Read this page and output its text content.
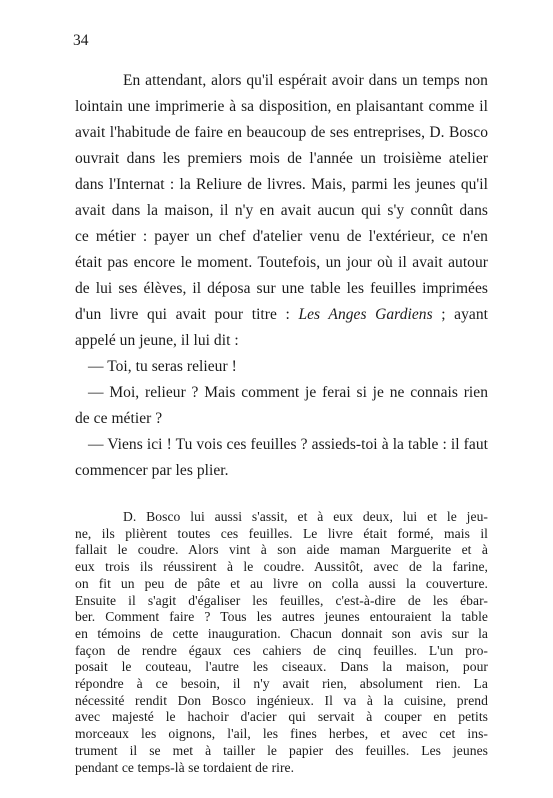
34
En attendant, alors qu'il espérait avoir dans un temps non
lointain une imprimerie à sa disposition, en plaisantant comme il
avait l'habitude de faire en beaucoup de ses entreprises, D. Bosco
ouvrait dans les premiers mois de l'année un troisième atelier
dans l'Internat : la Reliure de livres. Mais, parmi les jeunes qu'il
avait dans la maison, il n'y en avait aucun qui s'y connût dans
ce métier : payer un chef d'atelier venu de l'extérieur, ce n'en
était pas encore le moment. Toutefois, un jour où il avait autour
de lui ses élèves, il déposa sur une table les feuilles imprimées
d'un livre qui avait pour titre : Les Anges Gardiens ; ayant
appelé un jeune, il lui dit :
— Toi, tu seras relieur !
— Moi, relieur ? Mais comment je ferai si je ne connais rien
de ce métier ?
— Viens ici ! Tu vois ces feuilles ? assieds-toi à la table : il faut
commencer par les plier.
D. Bosco lui aussi s'assit, et à eux deux, lui et le jeu-
ne, ils plièrent toutes ces feuilles. Le livre était formé, mais il
fallait le coudre. Alors vint à son aide maman Marguerite et à
eux trois ils réussirent à le coudre. Aussitôt, avec de la farine,
on fit un peu de pâte et au livre on colla aussi la couverture.
Ensuite il s'agit d'égaliser les feuilles, c'est-à-dire de les ébar-
ber. Comment faire ? Tous les autres jeunes entouraient la table
en témoins de cette inauguration. Chacun donnait son avis sur la
façon de rendre égaux ces cahiers de cinq feuilles. L'un pro-
posait le couteau, l'autre les ciseaux. Dans la maison, pour
répondre à ce besoin, il n'y avait rien, absolument rien. La
nécessité rendit Don Bosco ingénieux. Il va à la cuisine, prend
avec majesté le hachoir d'acier qui servait à couper en petits
morceaux les oignons, l'ail, les fines herbes, et avec cet ins-
trument il se met à tailler le papier des feuilles. Les jeunes
pendant ce temps-là se tordaient de rire.
